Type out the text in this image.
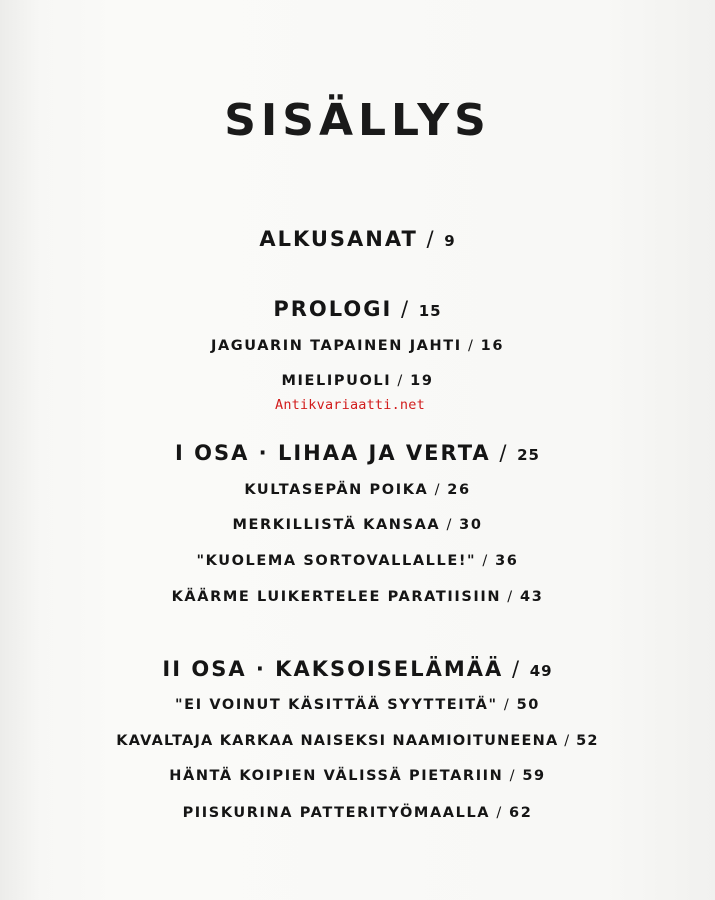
SISÄLLYS
ALKUSANAT / 9
PROLOGI / 15
JAGUARIN TAPAINEN JAHTI / 16
MIELIPUOLI / 19
Antikvariaatti.net
I OSA · LIHAA JA VERTA / 25
KULTASEPÄN POIKA / 26
MERKILLISTÄ KANSAA / 30
"KUOLEMA SORTOVALLALLE!" / 36
KÄÄRME LUIKERTELEE PARATIISIIN / 43
II OSA · KAKSOISELÄMÄÄ / 49
"EI VOINUT KÄSITTÄÄ SYYTTEITÄ" / 50
KAVALTAJA KARKAA NAISEKSI NAAMIOITUNEENA / 52
HÄNTÄ KOIPIEN VÄLISSÄ PIETARIIN / 59
PIISKURINA PATTERITYÖMAALLA / 62
